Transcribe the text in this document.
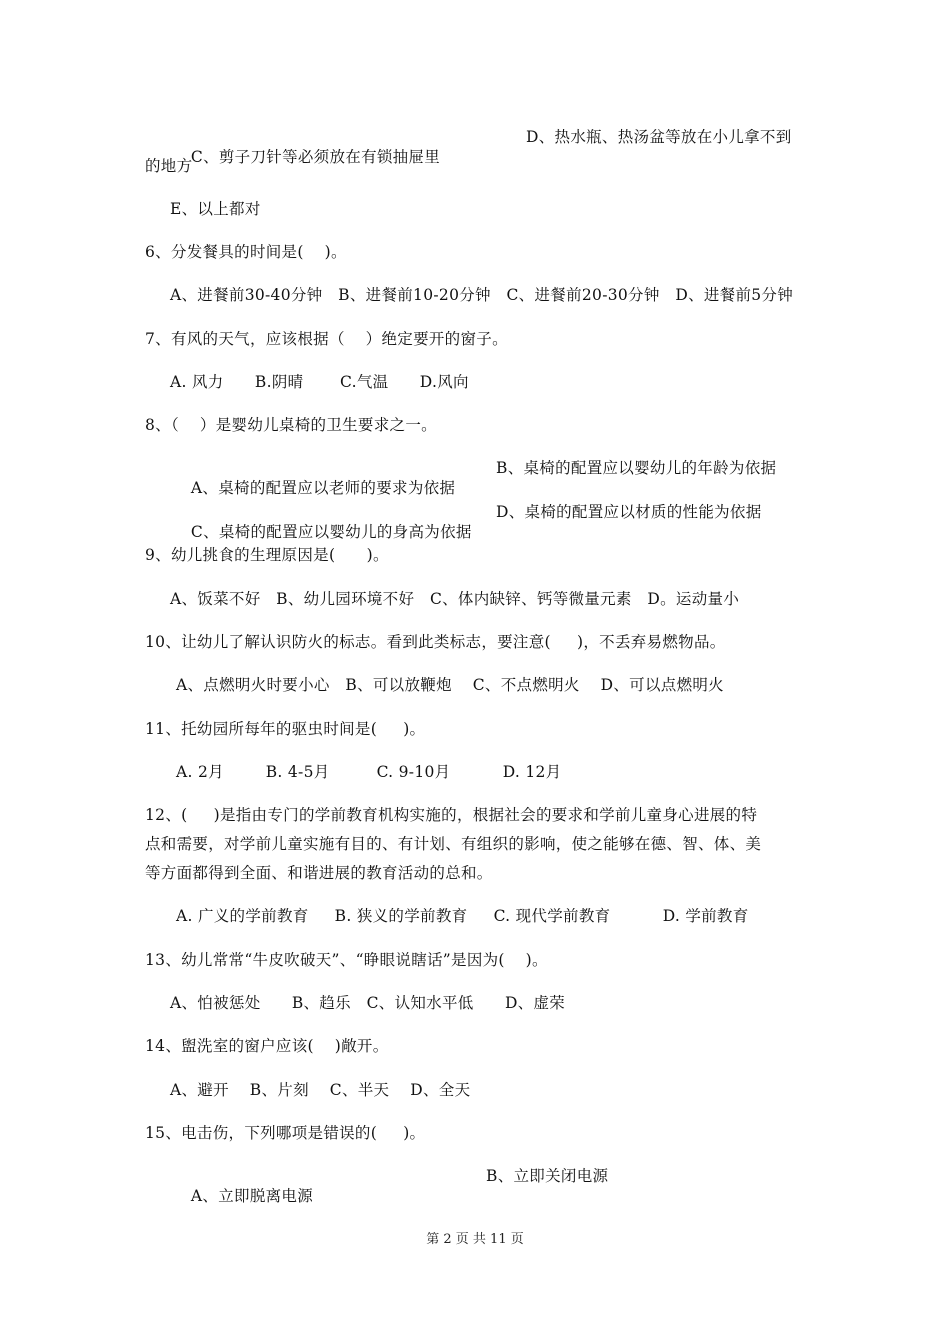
C、剪子刀针等必须放在有锁抽屉里

D、热水瓶、热汤盆等放在小儿拿不到

的地方
E、以上都对
6、分发餐具的时间是(    )。
A、进餐前30-40分钟   B、进餐前10-20分钟   C、进餐前20-30分钟   D、进餐前5分钟
7、有风的天气，应该根据（    ）绝定要开的窗子。
A. 风力      B.阴晴       C.气温      D.风向
8、（    ）是婴幼儿桌椅的卫生要求之一。

A、桌椅的配置应以老师的要求为依据

B、桌椅的配置应以婴幼儿的年龄为依据

C、桌椅的配置应以婴幼儿的身高为依据

D、桌椅的配置应以材质的性能为依据

9、幼儿挑食的生理原因是(      )。
A、饭菜不好   B、幼儿园环境不好   C、体内缺锌、钙等微量元素   D。运动量小
10、让幼儿了解认识防火的标志。看到此类标志，要注意(     )，不丢弃易燃物品。
A、点燃明火时要小心   B、可以放鞭炮    C、不点燃明火    D、可以点燃明火
11、托幼园所每年的驱虫时间是(     )。
A. 2月        B. 4-5月         C. 9-10月          D. 12月
12、(     )是指由专门的学前教育机构实施的，根据社会的要求和学前儿童身心进展的特
点和需要，对学前儿童实施有目的、有计划、有组织的影响，使之能够在德、智、体、美
等方面都得到全面、和谐进展的教育活动的总和。
A. 广义的学前教育     B. 狭义的学前教育     C. 现代学前教育          D. 学前教育
13、幼儿常常“牛皮吹破天”、“睁眼说瞎话”是因为(    )。
A、怕被惩处      B、趋乐   C、认知水平低      D、虚荣
14、盥洗室的窗户应该(    )敞开。
A、避开    B、片刻    C、半天    D、全天
15、电击伤，下列哪项是错误的(     )。

A、立即脱离电源

B、立即关闭电源

第 2 页 共 11 页
